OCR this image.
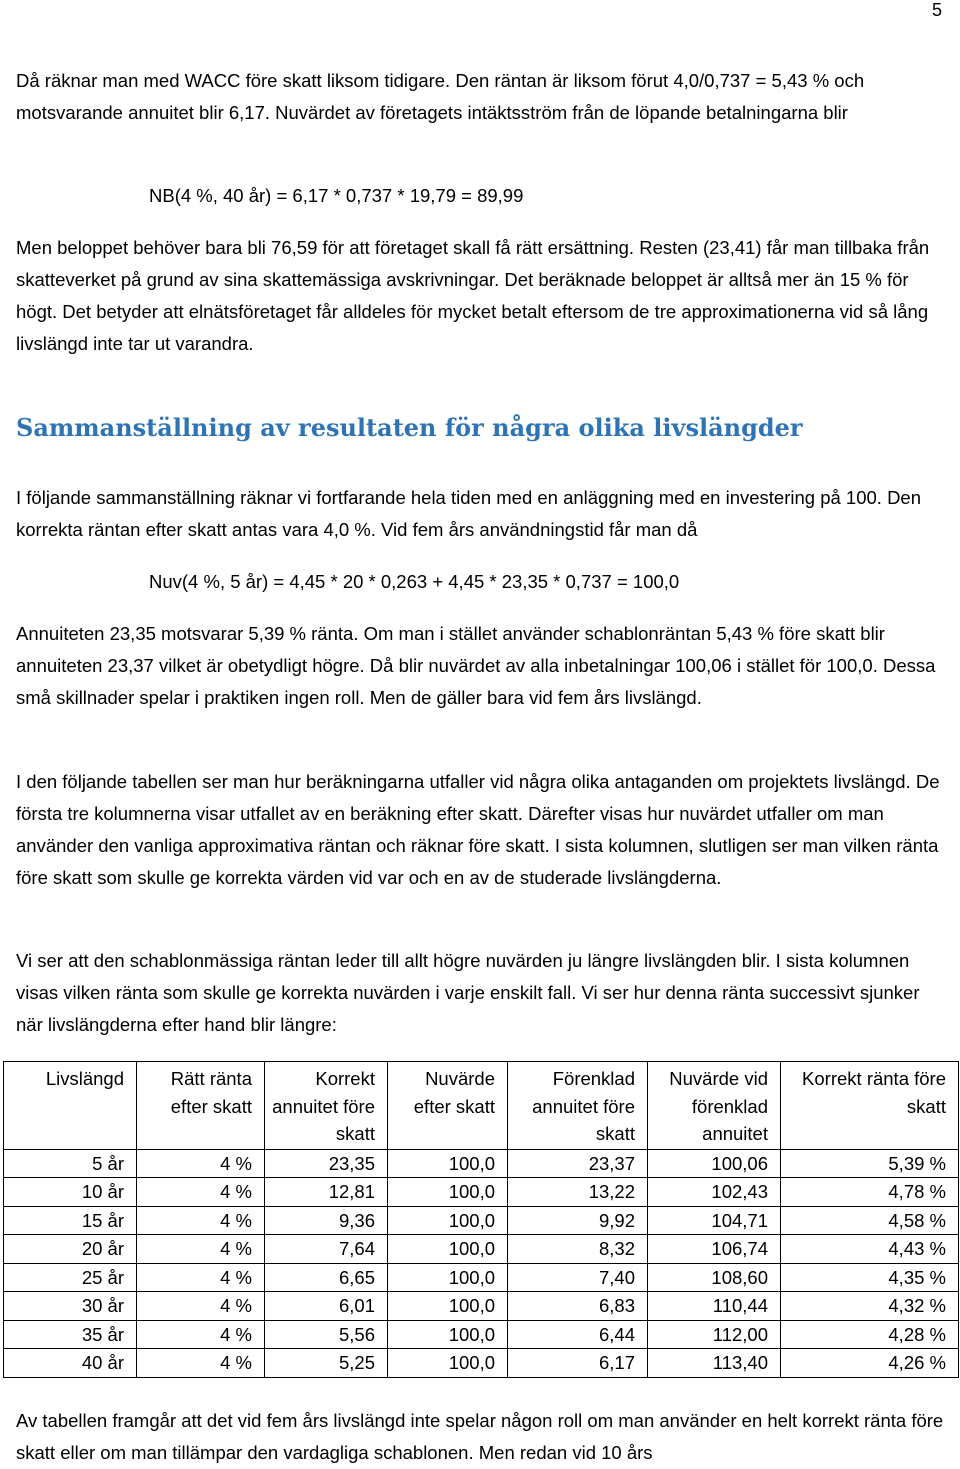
5

Då räknar man med WACC före skatt liksom tidigare. Den räntan är liksom förut 4,0/0,737 = 5,43 % och motsvarande annuitet blir 6,17. Nuvärdet av företagets intäktsström från de löpande betalningarna blir

NB(4 %, 40 år) = 6,17 * 0,737 * 19,79 = 89,99

Men beloppet behöver bara bli 76,59 för att företaget skall få rätt ersättning. Resten (23,41) får man tillbaka från skatteverket på grund av sina skattemässiga avskrivningar. Det beräknade beloppet är alltså mer än 15 % för högt. Det betyder att elnätsföretaget får alldeles för mycket betalt eftersom de tre approximationerna vid så lång livslängd inte tar ut varandra.

Sammanställning av resultaten för några olika livslängder

I följande sammanställning räknar vi fortfarande hela tiden med en anläggning med en investering på 100. Den korrekta räntan efter skatt antas vara 4,0 %. Vid fem års användningstid får man då

Nuv(4 %, 5 år) = 4,45 * 20 * 0,263 + 4,45 * 23,35 * 0,737 = 100,0

Annuiteten 23,35 motsvarar 5,39 % ränta. Om man i stället använder schablonräntan 5,43 % före skatt blir annuiteten 23,37 vilket är obetydligt högre. Då blir nuvärdet av alla inbetalningar 100,06 i stället för 100,0. Dessa små skillnader spelar i praktiken ingen roll. Men de gäller bara vid fem års livslängd.

I den följande tabellen ser man hur beräkningarna utfaller vid några olika antaganden om projektets livslängd. De första tre kolumnerna visar utfallet av en beräkning efter skatt. Därefter visas hur nuvärdet utfaller om man använder den vanliga approximativa räntan och räknar före skatt. I sista kolumnen, slutligen ser man vilken ränta före skatt som skulle ge korrekta värden vid var och en av de studerade livslängderna.

Vi ser att den schablonmässiga räntan leder till allt högre nuvärden ju längre livslängden blir. I sista kolumnen visas vilken ränta som skulle ge korrekta nuvärden i varje enskilt fall. Vi ser hur denna ränta successivt sjunker när livslängderna efter hand blir längre:

Livslängd	Rätt ränta efter skatt	Korrekt annuitet före skatt	Nuvärde efter skatt	Förenklad annuitet före skatt	Nuvärde vid förenklad annuitet	Korrekt ränta före skatt
5 år	4 %	23,35	100,0	23,37	100,06	5,39 %
10 år	4 %	12,81	100,0	13,22	102,43	4,78 %
15 år	4 %	9,36	100,0	9,92	104,71	4,58 %
20 år	4 %	7,64	100,0	8,32	106,74	4,43 %
25 år	4 %	6,65	100,0	7,40	108,60	4,35 %
30 år	4 %	6,01	100,0	6,83	110,44	4,32 %
35 år	4 %	5,56	100,0	6,44	112,00	4,28 %
40 år	4 %	5,25	100,0	6,17	113,40	4,26 %

Av tabellen framgår att det vid fem års livslängd inte spelar någon roll om man använder en helt korrekt ränta före skatt eller om man tillämpar den vardagliga schablonen. Men redan vid 10 års
